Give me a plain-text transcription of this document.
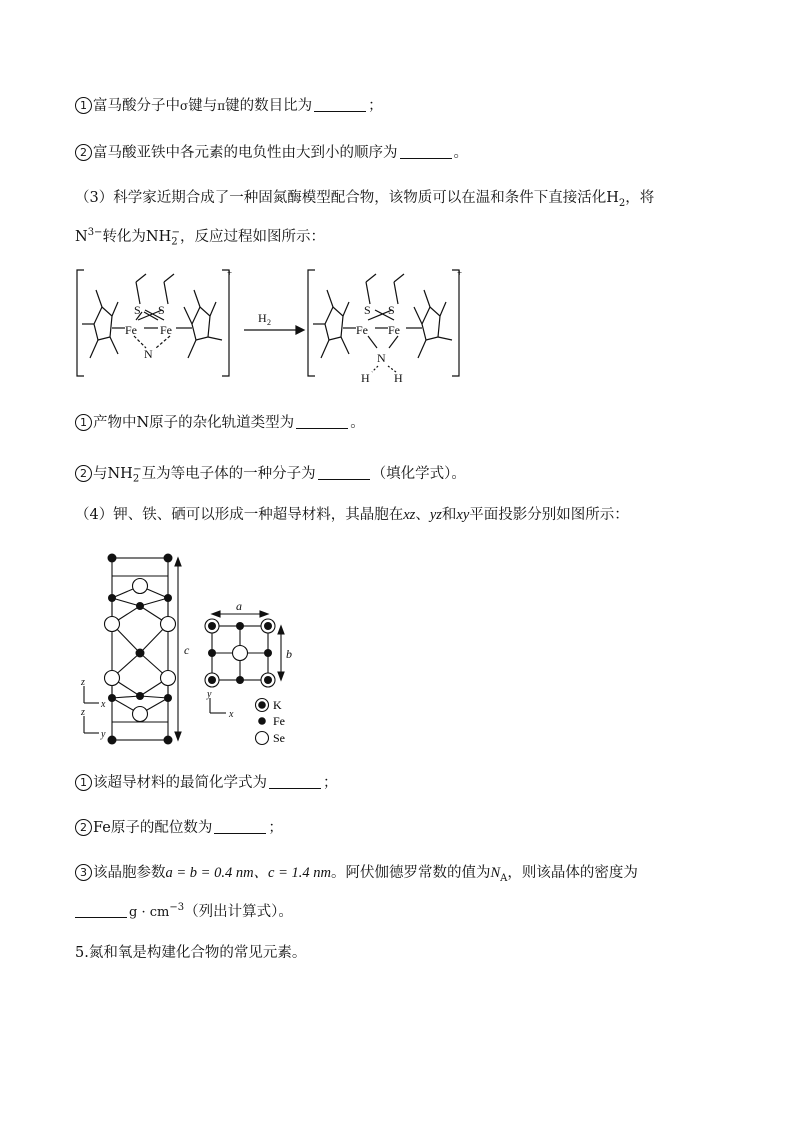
1 富马酸分子中σ键与π键的数目比为	；
2 富马酸亚铁中各元素的电负性由大到小的顺序为	。
（3）科学家近期合成了一种固氮酶模型配合物，该物质可以在温和条件下直接活化$H_2$，将
$N^{3-}$转化为$NH_2^-$，反应过程如图所示：
+	+
H 2
S S
Fe Fe
N
S S
Fe Fe
N
H H
1 产物中N原子的杂化轨道类型为	。
2 与$NH_2^-$互为等电子体的一种分子为	（填化学式）。
（4）钾、铁、硒可以形成一种超导材料，其晶胞在xz、yz和xy平面投影分别如图所示：
K
Fe
Se
c
a
b
z
x
z
y
y
x
1 该超导材料的最简化学式为	；
2 Fe原子的配位数为	；
3 该晶胞参数a = b = 0.4 nm、c = 1.4 nm。阿伏伽德罗常数的值为$N_A$，则该晶体的密度为
$g \cdot cm^{-3}$（列出计算式）。
5.氮和氧是构建化合物的常见元素。
